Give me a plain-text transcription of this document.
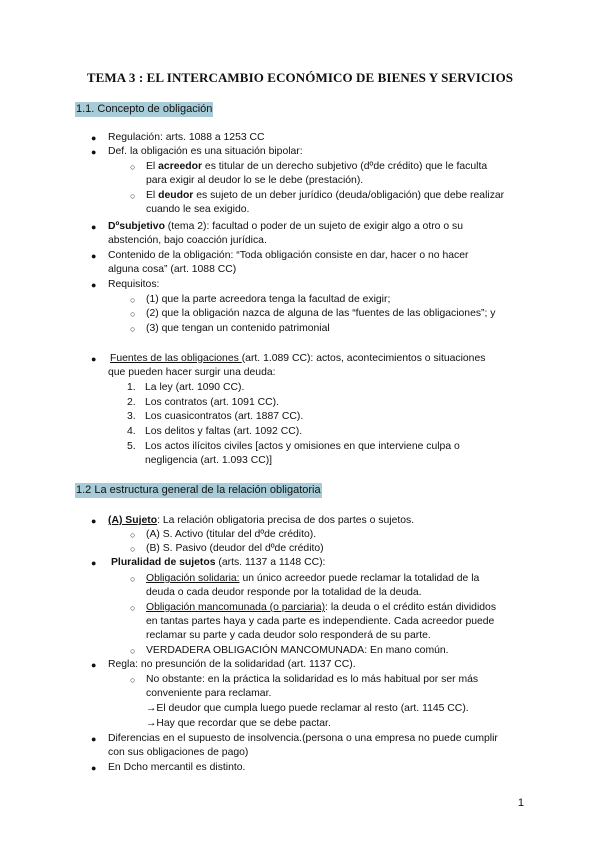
TEMA 3 : EL INTERCAMBIO ECONÓMICO DE BIENES Y SERVICIOS
1.1. Concepto de obligación
● Regulación: arts. 1088 a 1253 CC
● Def. la obligación es una situación bipolar:
○ El acreedor es titular de un derecho subjetivo (dºde crédito) que le faculta
para exigir al deudor lo se le debe (prestación).
○ El deudor es sujeto de un deber jurídico (deuda/obligación) que debe realizar
cuando le sea exigido.
● Dºsubjetivo (tema 2): facultad o poder de un sujeto de exigir algo a otro o su
abstención, bajo coacción jurídica.
● Contenido de la obligación: “Toda obligación consiste en dar, hacer o no hacer
alguna cosa” (art. 1088 CC)
● Requisitos:
○ (1) que la parte acreedora tenga la facultad de exigir;
○ (2) que la obligación nazca de alguna de las “fuentes de las obligaciones”; y
○ (3) que tengan un contenido patrimonial
● Fuentes de las obligaciones (art. 1.089 CC): actos, acontecimientos o situaciones
que pueden hacer surgir una deuda:
1. La ley (art. 1090 CC).
2. Los contratos (art. 1091 CC).
3. Los cuasicontratos (art. 1887 CC).
4. Los delitos y faltas (art. 1092 CC).
5. Los actos ilícitos civiles [actos y omisiones en que interviene culpa o
negligencia (art. 1.093 CC)]
1.2 La estructura general de la relación obligatoria
● (A) Sujeto: La relación obligatoria precisa de dos partes o sujetos.
○ (A) S. Activo (titular del dºde crédito).
○ (B) S. Pasivo (deudor del dºde crédito)
● Pluralidad de sujetos (arts. 1137 a 1148 CC):
○ Obligación solidaria: un único acreedor puede reclamar la totalidad de la
deuda o cada deudor responde por la totalidad de la deuda.
○ Obligación mancomunada (o parciaria): la deuda o el crédito están divididos
en tantas partes haya y cada parte es independiente. Cada acreedor puede
reclamar su parte y cada deudor solo responderá de su parte.
○ VERDADERA OBLIGACIÓN MANCOMUNADA: En mano común.
● Regla: no presunción de la solidaridad (art. 1137 CC).
○ No obstante: en la práctica la solidaridad es lo más habitual por ser más
conveniente para reclamar.
→El deudor que cumpla luego puede reclamar al resto (art. 1145 CC).
→Hay que recordar que se debe pactar.
● Diferencias en el supuesto de insolvencia.(persona o una empresa no puede cumplir
con sus obligaciones de pago)
● En Dcho mercantil es distinto.
1
